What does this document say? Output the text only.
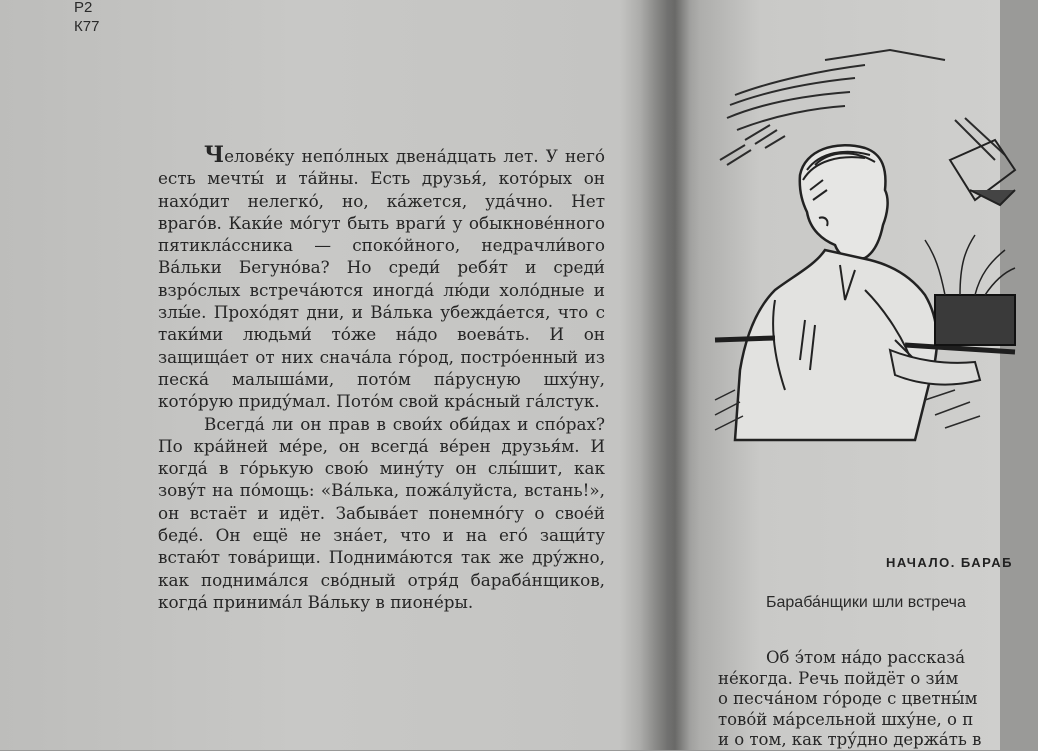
Р2
К77

Челове́ку непо́лных двена́дцать лет. У него́ есть мечты́ и та́йны. Есть друзья́, кото́рых он нахо́дит нелегко́, но, ка́жется, уда́чно. Нет враго́в. Каки́е мо́гут быть враги́ у обыкнове́нного пятикла́ссника — споко́йного, недрачли́вого Ва́льки Бегуно́ва? Но среди́ ребя́т и среди́ взро́слых встреча́ются иногда́ лю́ди холо́дные и злы́е. Прохо́дят дни, и Ва́лька убежда́ется, что с таки́ми людьми́ то́же на́до воева́ть. И он защища́ет от них снача́ла го́род, постро́енный из песка́ малыша́ми, пото́м па́русную шху́ну, кото́рую приду́мал. Пото́м свой кра́сный га́лстук.

Всегда́ ли он прав в свои́х оби́дах и спо́рах? По кра́йней ме́ре, он всегда́ ве́рен друзья́м. И когда́ в го́рькую свою́ мину́ту он слы́шит, как зову́т на по́мощь: «Ва́лька, пожа́луйста, встань!», он встаёт и идёт. Забыва́ет понемно́гу о свое́й беде́. Он ещё не зна́ет, что и на его́ защи́ту встаю́т това́рищи. Поднима́ются так же дру́жно, как поднима́лся сво́дный отря́д бараба́нщиков, когда́ принима́л Ва́льку в пионе́ры.

НАЧАЛО. БАРАБ
Бараба́нщики шли встреча
Об э́том на́до рассказа́
не́когда. Речь пойдёт о зи́м
о песча́ном го́роде с цветны́м
тово́й ма́рсельной шху́не, о п
и о том, как тру́дно держа́ть в
